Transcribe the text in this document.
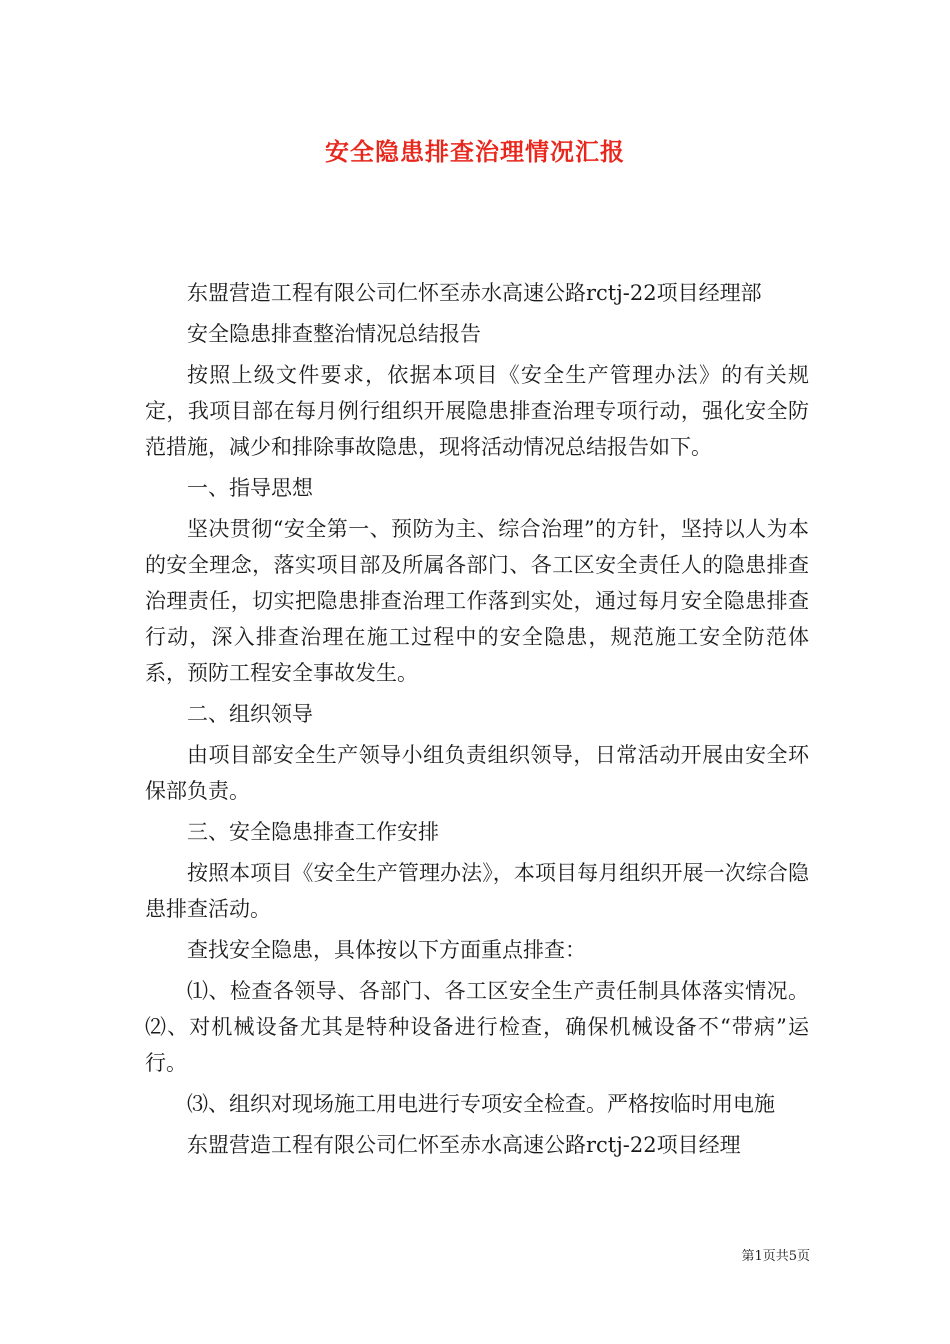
安全隐患排查治理情况汇报

东盟营造工程有限公司仁怀至赤水高速公路rctj-22项目经理部

安全隐患排查整治情况总结报告

按照上级文件要求，依据本项目《安全生产管理办法》的有关规定，我项目部在每月例行组织开展隐患排查治理专项行动，强化安全防范措施，减少和排除事故隐患，现将活动情况总结报告如下。

一、指导思想

坚决贯彻“安全第一、预防为主、综合治理”的方针，坚持以人为本的安全理念，落实项目部及所属各部门、各工区安全责任人的隐患排查治理责任，切实把隐患排查治理工作落到实处，通过每月安全隐患排查行动，深入排查治理在施工过程中的安全隐患，规范施工安全防范体系，预防工程安全事故发生。

二、组织领导

由项目部安全生产领导小组负责组织领导，日常活动开展由安全环保部负责。

三、安全隐患排查工作安排

按照本项目《安全生产管理办法》，本项目每月组织开展一次综合隐患排查活动。

查找安全隐患，具体按以下方面重点排查：

⑴、检查各领导、各部门、各工区安全生产责任制具体落实情况。⑵、对机械设备尤其是特种设备进行检查，确保机械设备不“带病”运行。

⑶、组织对现场施工用电进行专项安全检查。严格按临时用电施

东盟营造工程有限公司仁怀至赤水高速公路rctj-22项目经理

第1页共5页
